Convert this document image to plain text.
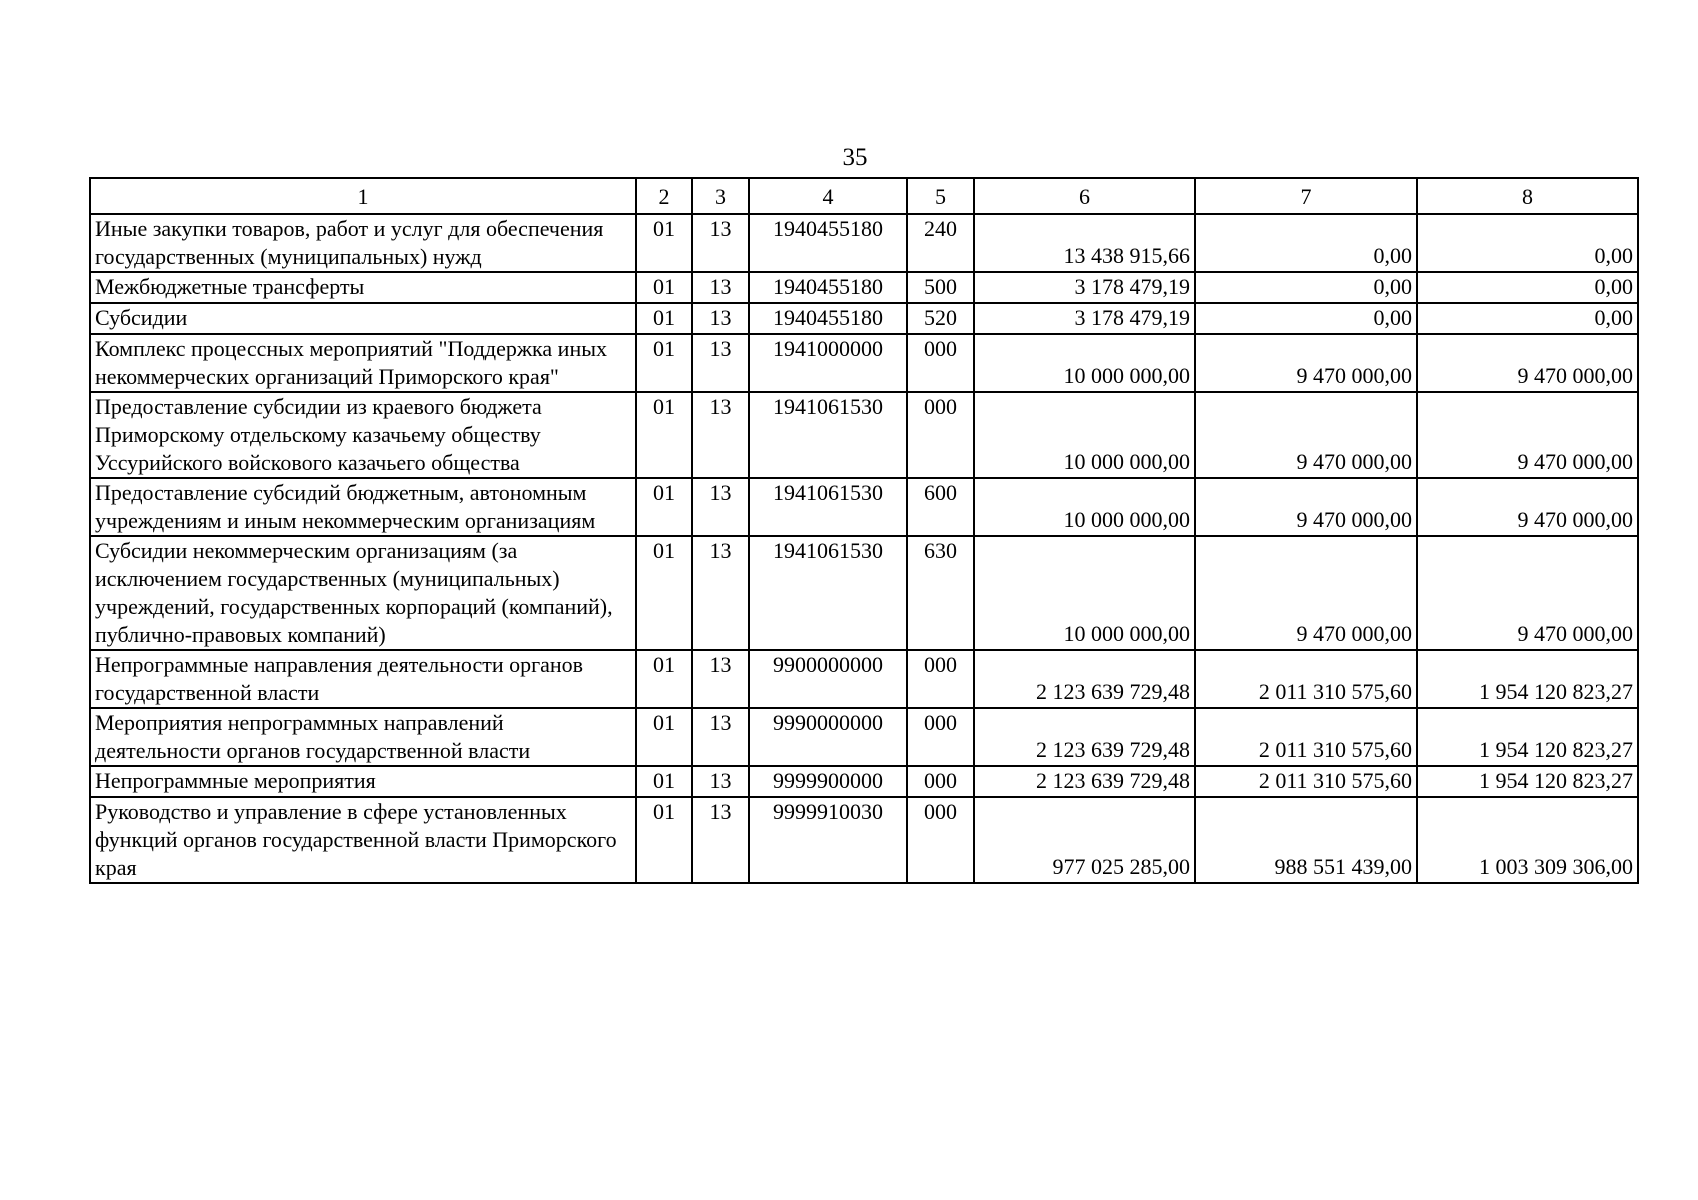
35
1	2	3	4	5	6	7	8
Иные закупки товаров, работ и услуг для обеспечения государственных (муниципальных) нужд	01	13	1940455180	240	13 438 915,66	0,00	0,00
Межбюджетные трансферты	01	13	1940455180	500	3 178 479,19	0,00	0,00
Субсидии	01	13	1940455180	520	3 178 479,19	0,00	0,00
Комплекс процессных мероприятий "Поддержка иных некоммерческих организаций Приморского края"	01	13	1941000000	000	10 000 000,00	9 470 000,00	9 470 000,00
Предоставление субсидии из краевого бюджета Приморскому отдельскому казачьему обществу Уссурийского войскового казачьего общества	01	13	1941061530	000	10 000 000,00	9 470 000,00	9 470 000,00
Предоставление субсидий бюджетным, автономным учреждениям и иным некоммерческим организациям	01	13	1941061530	600	10 000 000,00	9 470 000,00	9 470 000,00
Субсидии некоммерческим организациям (за исключением государственных (муниципальных) учреждений, государственных корпораций (компаний), публично-правовых компаний)	01	13	1941061530	630	10 000 000,00	9 470 000,00	9 470 000,00
Непрограммные направления деятельности органов государственной власти	01	13	9900000000	000	2 123 639 729,48	2 011 310 575,60	1 954 120 823,27
Мероприятия непрограммных направлений деятельности органов государственной власти	01	13	9990000000	000	2 123 639 729,48	2 011 310 575,60	1 954 120 823,27
Непрограммные мероприятия	01	13	9999900000	000	2 123 639 729,48	2 011 310 575,60	1 954 120 823,27
Руководство и управление в сфере установленных функций органов государственной власти Приморского края	01	13	9999910030	000	977 025 285,00	988 551 439,00	1 003 309 306,00
